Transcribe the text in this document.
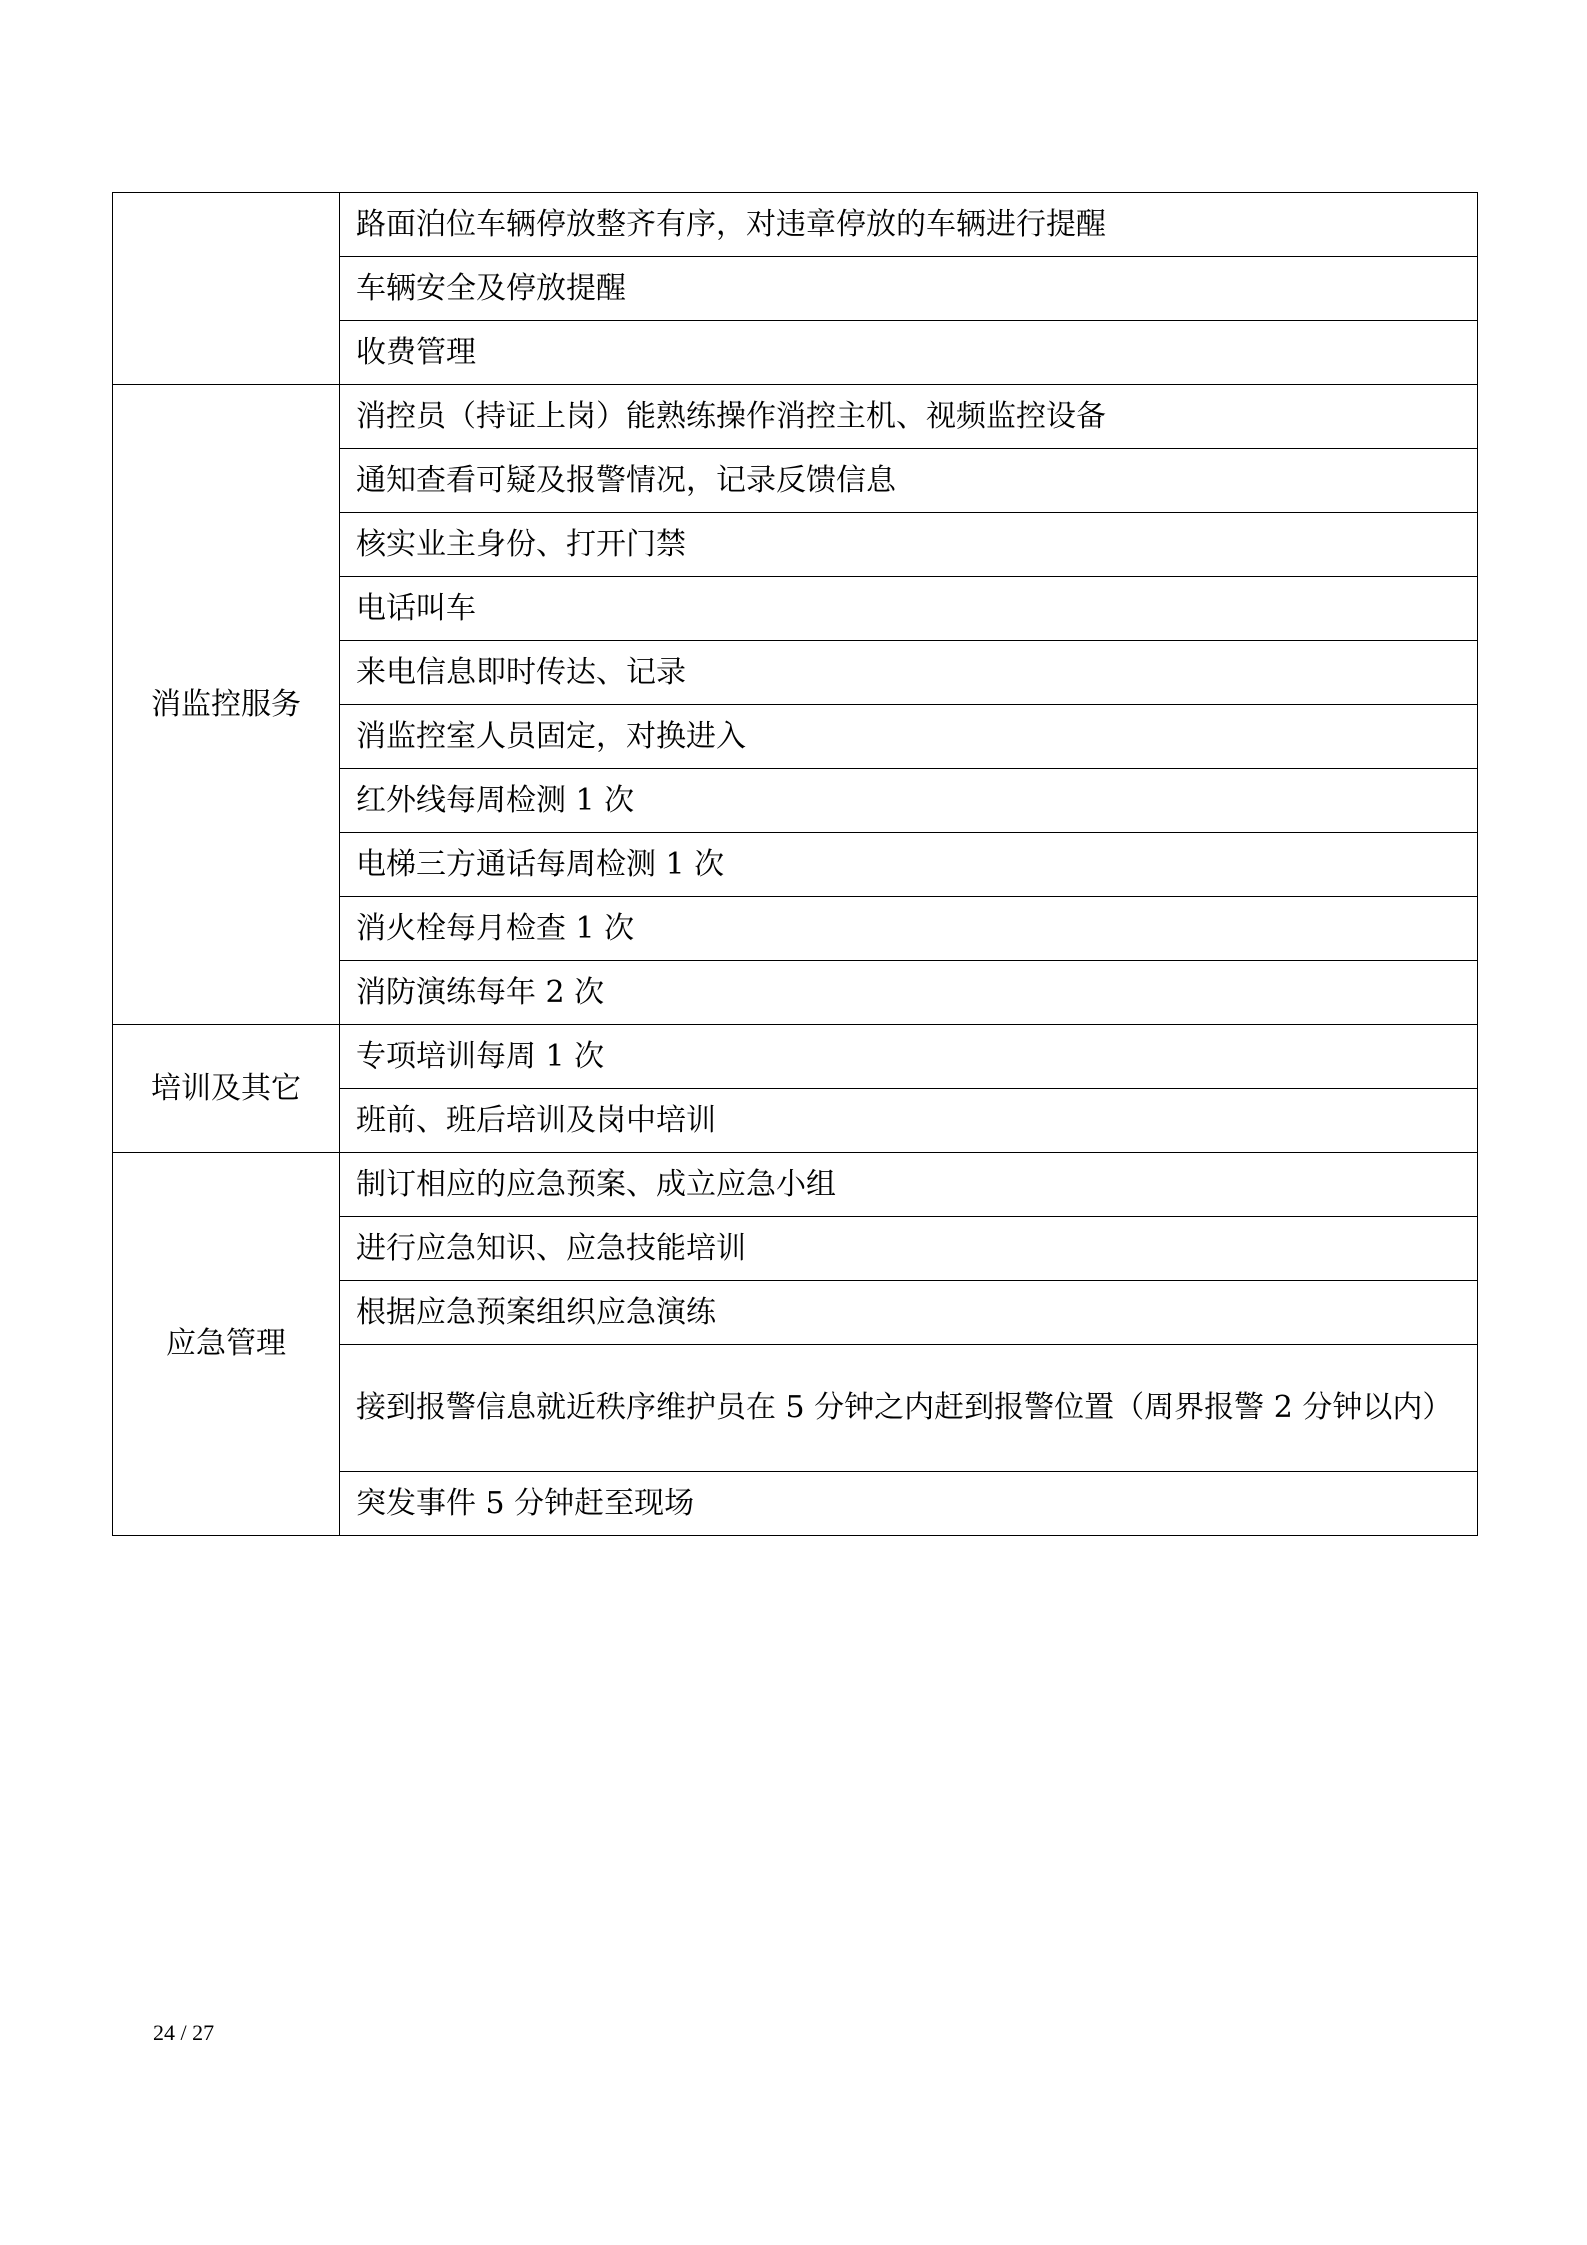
	路面泊位车辆停放整齐有序，对违章停放的车辆进行提醒
	车辆安全及停放提醒
	收费管理
消监控服务	消控员（持证上岗）能熟练操作消控主机、视频监控设备
	通知查看可疑及报警情况，记录反馈信息
	核实业主身份、打开门禁
	电话叫车
	来电信息即时传达、记录
	消监控室人员固定，对换进入
	红外线每周检测 1 次
	电梯三方通话每周检测 1 次
	消火栓每月检查 1 次
	消防演练每年 2 次
培训及其它	专项培训每周 1 次
	班前、班后培训及岗中培训
应急管理	制订相应的应急预案、成立应急小组
	进行应急知识、应急技能培训
	根据应急预案组织应急演练
	接到报警信息就近秩序维护员在 5 分钟之内赶到报警位置（周界报警 2 分钟以内）
	突发事件 5 分钟赶至现场
24 / 27
